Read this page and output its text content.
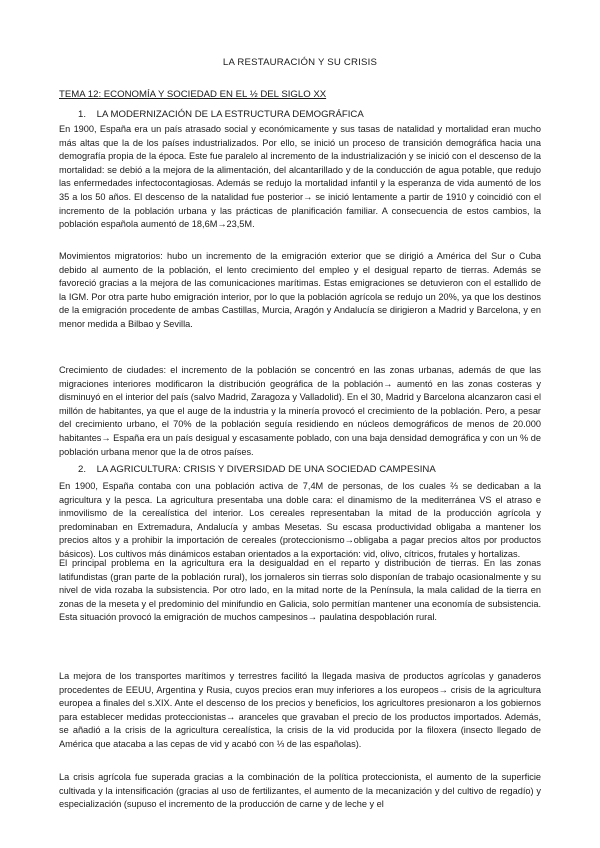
LA RESTAURACIÓN Y SU CRISIS
TEMA 12: ECONOMÍA Y SOCIEDAD EN EL ½ DEL SIGLO XX
1. LA MODERNIZACIÓN DE LA ESTRUCTURA DEMOGRÁFICA

En 1900, España era un país atrasado social y económicamente y sus tasas de natalidad y mortalidad eran mucho más altas que la de los países industrializados. Por ello, se inició un proceso de transición demográfica hacia una demografía propia de la época. Este fue paralelo al incremento de la industrialización y se inició con el descenso de la mortalidad: se debió a la mejora de la alimentación, del alcantarillado y de la conducción de agua potable, que redujo las enfermedades infectocontagiosas. Además se redujo la mortalidad infantil y la esperanza de vida aumentó de los 35 a los 50 años. El descenso de la natalidad fue posterior→ se inició lentamente a partir de 1910 y coincidió con el incremento de la población urbana y las prácticas de planificación familiar. A consecuencia de estos cambios, la población española aumentó de 18,6M→23,5M.

Movimientos migratorios: hubo un incremento de la emigración exterior que se dirigió a América del Sur o Cuba debido al aumento de la población, el lento crecimiento del empleo y el desigual reparto de tierras. Además se favoreció gracias a la mejora de las comunicaciones marítimas. Estas emigraciones se detuvieron con el estallido de la IGM. Por otra parte hubo emigración interior, por lo que la población agrícola se redujo un 20%, ya que los destinos de la emigración procedente de ambas Castillas, Murcia, Aragón y Andalucía se dirigieron a Madrid y Barcelona, y en menor medida a Bilbao y Sevilla.

Crecimiento de ciudades: el incremento de la población se concentró en las zonas urbanas, además de que las migraciones interiores modificaron la distribución geográfica de la población→ aumentó en las zonas costeras y disminuyó en el interior del país (salvo Madrid, Zaragoza y Valladolid). En el 30, Madrid y Barcelona alcanzaron casi el millón de habitantes, ya que el auge de la industria y la minería provocó el crecimiento de la población. Pero, a pesar del crecimiento urbano, el 70% de la población seguía residiendo en núcleos demográficos de menos de 20.000 habitantes→ España era un país desigual y escasamente poblado, con una baja densidad demográfica y con un % de población urbana menor que la de otros países.

2. LA AGRICULTURA: CRISIS Y DIVERSIDAD DE UNA SOCIEDAD CAMPESINA

En 1900, España contaba con una población activa de 7,4M de personas, de los cuales ⅔ se dedicaban a la agricultura y la pesca. La agricultura presentaba una doble cara: el dinamismo de la mediterránea VS el atraso e inmovilismo de la cerealística del interior. Los cereales representaban la mitad de la producción agrícola y predominaban en Extremadura, Andalucía y ambas Mesetas. Su escasa productividad obligaba a mantener los precios altos y a prohibir la importación de cereales (proteccionismo→obligaba a pagar precios altos por productos básicos). Los cultivos más dinámicos estaban orientados a la exportación: vid, olivo, cítricos, frutales y hortalizas.

El principal problema en la agricultura era la desigualdad en el reparto y distribución de tierras. En las zonas latifundistas (gran parte de la población rural), los jornaleros sin tierras solo disponían de trabajo ocasionalmente y su nivel de vida rozaba la subsistencia. Por otro lado, en la mitad norte de la Península, la mala calidad de la tierra en zonas de la meseta y el predominio del minifundio en Galicia, solo permitían mantener una economía de subsistencia. Esta situación provocó la emigración de muchos campesinos→ paulatina despoblación rural.

La mejora de los transportes marítimos y terrestres facilitó la llegada masiva de productos agrícolas y ganaderos procedentes de EEUU, Argentina y Rusia, cuyos precios eran muy inferiores a los europeos→ crisis de la agricultura europea a finales del s.XIX. Ante el descenso de los precios y beneficios, los agricultores presionaron a los gobiernos para establecer medidas proteccionistas→ aranceles que gravaban el precio de los productos importados. Además, se añadió a la crisis de la agricultura cerealística, la crisis de la vid producida por la filoxera (insecto llegado de América que atacaba a las cepas de vid y acabó con ⅓ de las españolas).

La crisis agrícola fue superada gracias a la combinación de la política proteccionista, el aumento de la superficie cultivada y la intensificación (gracias al uso de fertilizantes, el aumento de la mecanización y del cultivo de regadío) y especialización (supuso el incremento de la producción de carne y de leche y el
